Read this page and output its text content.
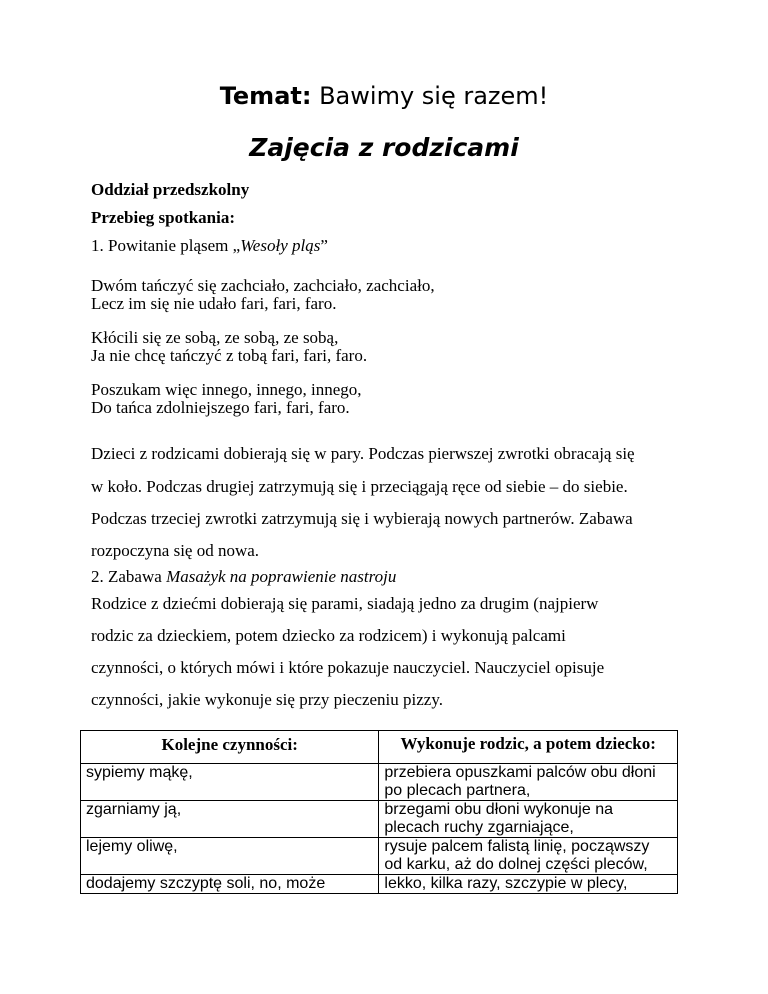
Temat: Bawimy się razem!
Zajęcia z rodzicami
Oddział przedszkolny
Przebieg spotkania:
1. Powitanie pląsem „Wesoły pląs”
Dwóm tańczyć się zachciało, zachciało, zachciało,
Lecz im się nie udało fari, fari, faro.
Kłócili się ze sobą, ze sobą, ze sobą,
Ja nie chcę tańczyć z tobą fari, fari, faro.
Poszukam więc innego, innego, innego,
Do tańca zdolniejszego fari, fari, faro.
Dzieci z rodzicami dobierają się w pary. Podczas pierwszej zwrotki obracają się
w koło. Podczas drugiej zatrzymują się i przeciągają ręce od siebie – do siebie.
Podczas trzeciej zwrotki zatrzymują się i wybierają nowych partnerów. Zabawa
rozpoczyna się od nowa.
2. Zabawa Masażyk na poprawienie nastroju
Rodzice z dziećmi dobierają się parami, siadają jedno za drugim (najpierw
rodzic za dzieckiem, potem dziecko za rodzicem) i wykonują palcami
czynności, o których mówi i które pokazuje nauczyciel. Nauczyciel opisuje
czynności, jakie wykonuje się przy pieczeniu pizzy.
Kolejne czynności:	Wykonuje rodzic, a potem dziecko:
sypiemy mąkę,	przebiera opuszkami palców obu dłoni
po plecach partnera,

zgarniamy ją,	brzegami obu dłoni wykonuje na
plecach ruchy zgarniające,

lejemy oliwę,	rysuje palcem falistą linię, począwszy
od karku, aż do dolnej części pleców,

dodajemy szczyptę soli, no, może	lekko, kilka razy, szczypie w plecy,
